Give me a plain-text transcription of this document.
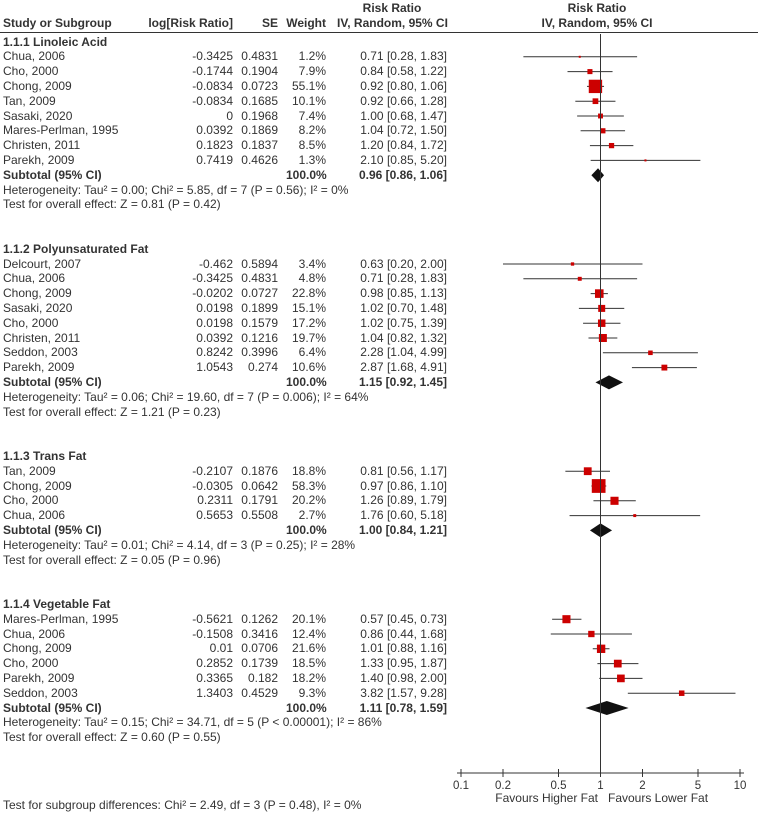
Risk Ratio	Risk Ratio
Study or Subgroup	log[Risk Ratio]	SE Weight IV, Random, 95% CI	IV, Random, 95% CI
1.1.1 Linoleic Acid
Chua, 2006	-0.3425 0.4831	1.2%	0.71 [0.28, 1.83]
Cho, 2000	-0.1744 0.1904	7.9%	0.84 [0.58, 1.22]
Chong, 2009	-0.0834 0.0723	55.1%	0.92 [0.80, 1.06]
Tan, 2009	-0.0834 0.1685	10.1%	0.92 [0.66, 1.28]
Sasaki, 2020	0 0.1968	7.4%	1.00 [0.68, 1.47]
Mares-Perlman, 1995	0.0392 0.1869	8.2%	1.04 [0.72, 1.50]
Christen, 2011	0.1823 0.1837	8.5%	1.20 [0.84, 1.72]
Parekh, 2009	0.7419 0.4626	1.3%	2.10 [0.85, 5.20]
Subtotal (95% CI)	100.0%	0.96 [0.86, 1.06]
Heterogeneity: Tau² = 0.00; Chi² = 5.85, df = 7 (P = 0.56); I² = 0%
Test for overall effect: Z = 0.81 (P = 0.42)
1.1.2 Polyunsaturated Fat
Delcourt, 2007	-0.462 0.5894	3.4%	0.63 [0.20, 2.00]
Chua, 2006	-0.3425 0.4831	4.8%	0.71 [0.28, 1.83]
Chong, 2009	-0.0202 0.0727	22.8%	0.98 [0.85, 1.13]
Sasaki, 2020	0.0198 0.1899	15.1%	1.02 [0.70, 1.48]
Cho, 2000	0.0198 0.1579	17.2%	1.02 [0.75, 1.39]
Christen, 2011	0.0392 0.1216	19.7%	1.04 [0.82, 1.32]
Seddon, 2003	0.8242 0.3996	6.4%	2.28 [1.04, 4.99]
Parekh, 2009	1.0543	0.274	10.6%	2.87 [1.68, 4.91]
Subtotal (95% CI)	100.0%	1.15 [0.92, 1.45]
Heterogeneity: Tau² = 0.06; Chi² = 19.60, df = 7 (P = 0.006); I² = 64%
Test for overall effect: Z = 1.21 (P = 0.23)
1.1.3 Trans Fat
Tan, 2009	-0.2107 0.1876	18.8%	0.81 [0.56, 1.17]
Chong, 2009	-0.0305 0.0642	58.3%	0.97 [0.86, 1.10]
Cho, 2000	0.2311 0.1791	20.2%	1.26 [0.89, 1.79]
Chua, 2006	0.5653 0.5508	2.7%	1.76 [0.60, 5.18]
Subtotal (95% CI)	100.0%	1.00 [0.84, 1.21]
Heterogeneity: Tau² = 0.01; Chi² = 4.14, df = 3 (P = 0.25); I² = 28%
Test for overall effect: Z = 0.05 (P = 0.96)
1.1.4 Vegetable Fat
Mares-Perlman, 1995	-0.5621 0.1262	20.1%	0.57 [0.45, 0.73]
Chua, 2006	-0.1508 0.3416	12.4%	0.86 [0.44, 1.68]
Chong, 2009	0.01 0.0706	21.6%	1.01 [0.88, 1.16]
Cho, 2000	0.2852 0.1739	18.5%	1.33 [0.95, 1.87]
Parekh, 2009	0.3365	0.182	18.2%	1.40 [0.98, 2.00]
Seddon, 2003	1.3403 0.4529	9.3%	3.82 [1.57, 9.28]
Subtotal (95% CI)	100.0%	1.11 [0.78, 1.59]
Heterogeneity: Tau² = 0.15; Chi² = 34.71, df = 5 (P < 0.00001); I² = 86%
Test for overall effect: Z = 0.60 (P = 0.55)
0.1 0.2	0.5	1	2	5	10
Favours Higher Fat Favours Lower Fat
Test for subgroup differences: Chi² = 2.49, df = 3 (P = 0.48), I² = 0%
